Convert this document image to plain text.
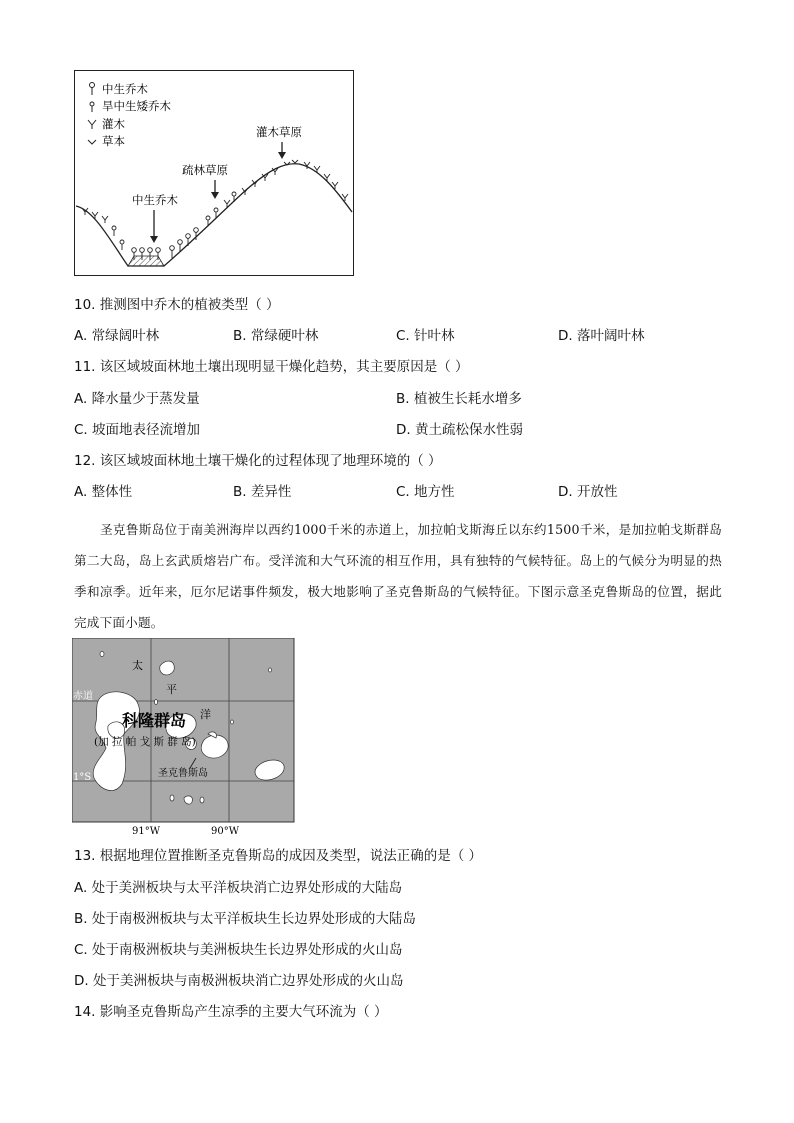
中生乔木
旱中生矮乔木
灌木
草本
灌木草原
疏林草原
中生乔木
10. 推测图中乔木的植被类型（ ）
A. 常绿阔叶林	B. 常绿硬叶林	C. 针叶林	D. 落叶阔叶林
11. 该区域坡面林地土壤出现明显干燥化趋势，其主要原因是（ ）
A. 降水量少于蒸发量	B. 植被生长耗水增多
C. 坡面地表径流增加	D. 黄土疏松保水性弱
12. 该区域坡面林地土壤干燥化的过程体现了地理环境的（ ）
A. 整体性	B. 差异性	C. 地方性	D. 开放性
圣克鲁斯岛位于南美洲海岸以西约1000千米的赤道上，加拉帕戈斯海丘以东约1500千米，是加拉帕戈斯群岛第二大岛，岛上玄武质熔岩广布。受洋流和大气环流的相互作用，具有独特的气候特征。岛上的气候分为明显的热季和凉季。近年来，厄尔尼诺事件频发，极大地影响了圣克鲁斯岛的气候特征。下图示意圣克鲁斯岛的位置，据此完成下面小题。
太
平
洋
赤道
1°S
科隆群岛
(加 拉 帕 戈 斯 群 岛)
圣克鲁斯岛
91°W	90°W
13. 根据地理位置推断圣克鲁斯岛的成因及类型，说法正确的是（ ）
A. 处于美洲板块与太平洋板块消亡边界处形成的大陆岛
B. 处于南极洲板块与太平洋板块生长边界处形成的大陆岛
C. 处于南极洲板块与美洲板块生长边界处形成的火山岛
D. 处于美洲板块与南极洲板块消亡边界处形成的火山岛
14. 影响圣克鲁斯岛产生凉季的主要大气环流为（ ）
